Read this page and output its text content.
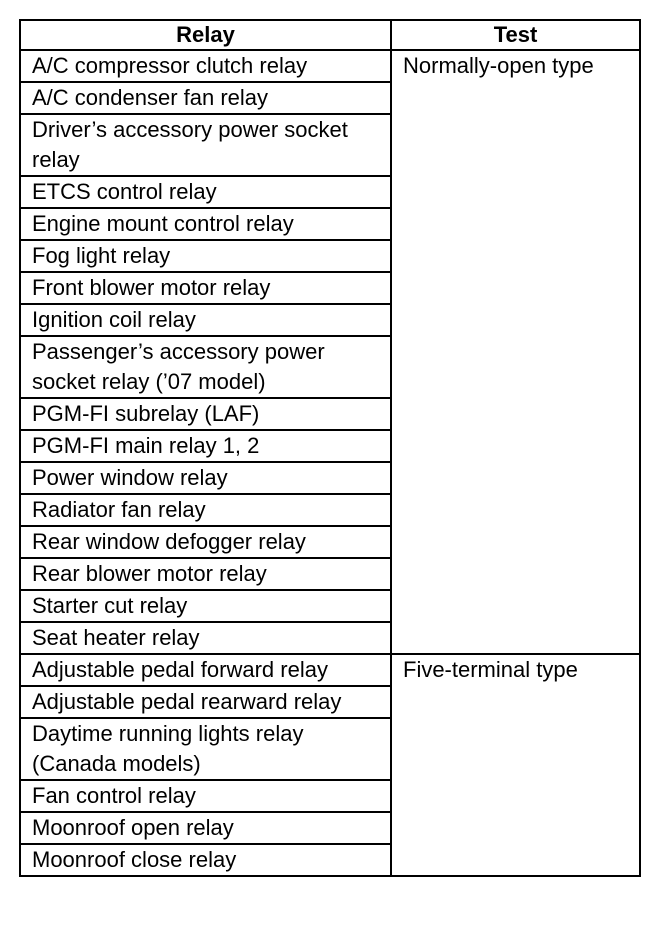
Relay	Test
A/C compressor clutch relay	Normally-open type
A/C condenser fan relay	
Driver’s accessory power socket relay	
ETCS control relay	
Engine mount control relay	
Fog light relay	
Front blower motor relay	
Ignition coil relay	
Passenger’s accessory power socket relay (’07 model)	
PGM-FI subrelay (LAF)	
PGM-FI main relay 1, 2	
Power window relay	
Radiator fan relay	
Rear window defogger relay	
Rear blower motor relay	
Starter cut relay	
Seat heater relay	
Adjustable pedal forward relay	Five-terminal type
Adjustable pedal rearward relay	
Daytime running lights relay (Canada models)	
Fan control relay	
Moonroof open relay	
Moonroof close relay	
